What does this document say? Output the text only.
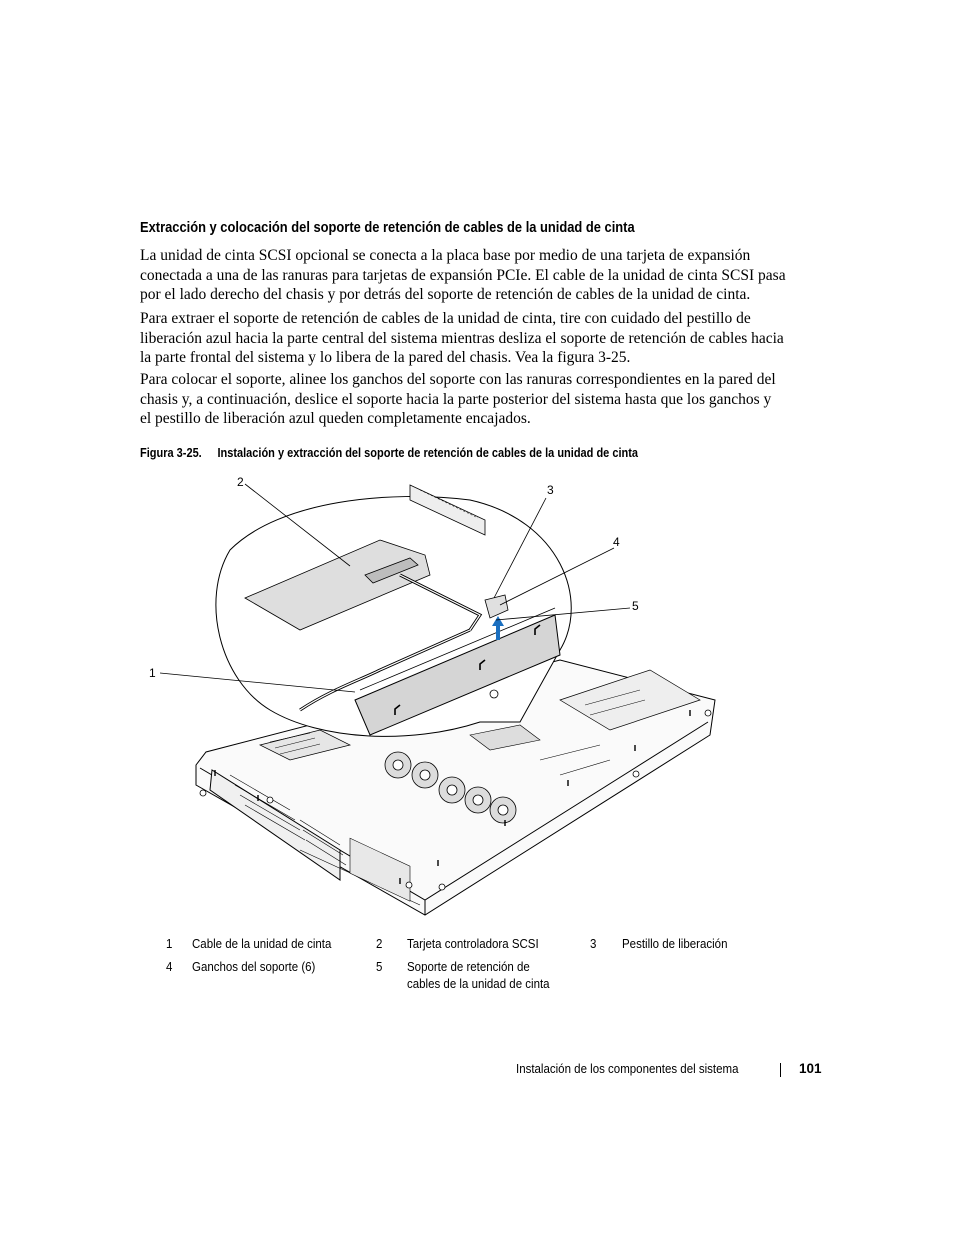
Extracción y colocación del soporte de retención de cables de la unidad de cinta

La unidad de cinta SCSI opcional se conecta a la placa base por medio de una tarjeta de expansión

conectada a una de las ranuras para tarjetas de expansión PCIe. El cable de la unidad de cinta SCSI pasa

por el lado derecho del chasis y por detrás del soporte de retención de cables de la unidad de cinta.

Para extraer el soporte de retención de cables de la unidad de cinta, tire con cuidado del pestillo de

liberación azul hacia la parte central del sistema mientras desliza el soporte de retención de cables hacia

la parte frontal del sistema y lo libera de la pared del chasis. Vea la figura 3-25.

Para colocar el soporte, alinee los ganchos del soporte con las ranuras correspondientes en la pared del

chasis y, a continuación, deslice el soporte hacia la parte posterior del sistema hasta que los ganchos y

el pestillo de liberación azul queden completamente encajados.

Figura 3-25. Instalación y extracción del soporte de retención de cables de la unidad de cinta
1
2
3
4
5
1 Cable de la unidad de cinta	2 Tarjeta controladora SCSI	3 Pestillo de liberación
4 Ganchos del soporte (6)	5 Soporte de retención de
cables de la unidad de cinta
Instalación de los componentes del sistema	101
